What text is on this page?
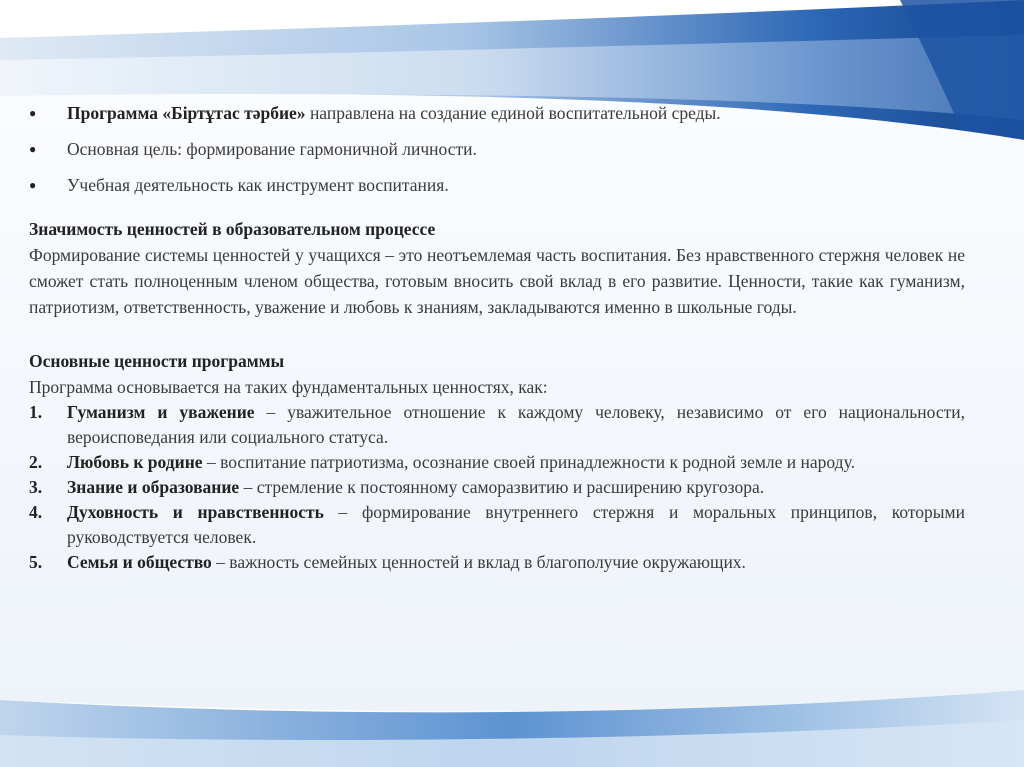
● Программа «Біртұтас тәрбие» направлена на создание единой воспитательной среды.
● Основная цель: формирование гармоничной личности.
● Учебная деятельность как инструмент воспитания.
Значимость ценностей в образовательном процессе
Формирование системы ценностей у учащихся – это неотъемлемая часть воспитания. Без нравственного стержня человек не сможет стать полноценным членом общества, готовым вносить свой вклад в его развитие. Ценности, такие как гуманизм, патриотизм, ответственность, уважение и любовь к знаниям, закладываются именно в школьные годы.
Основные ценности программы
Программа основывается на таких фундаментальных ценностях, как:
1. Гуманизм и уважение – уважительное отношение к каждому человеку, независимо от его национальности, вероисповедания или социального статуса.
2. Любовь к родине – воспитание патриотизма, осознание своей принадлежности к родной земле и народу.
3. Знание и образование – стремление к постоянному саморазвитию и расширению кругозора.
4. Духовность и нравственность – формирование внутреннего стержня и моральных принципов, которыми руководствуется человек.
5. Семья и общество – важность семейных ценностей и вклад в благополучие окружающих.
